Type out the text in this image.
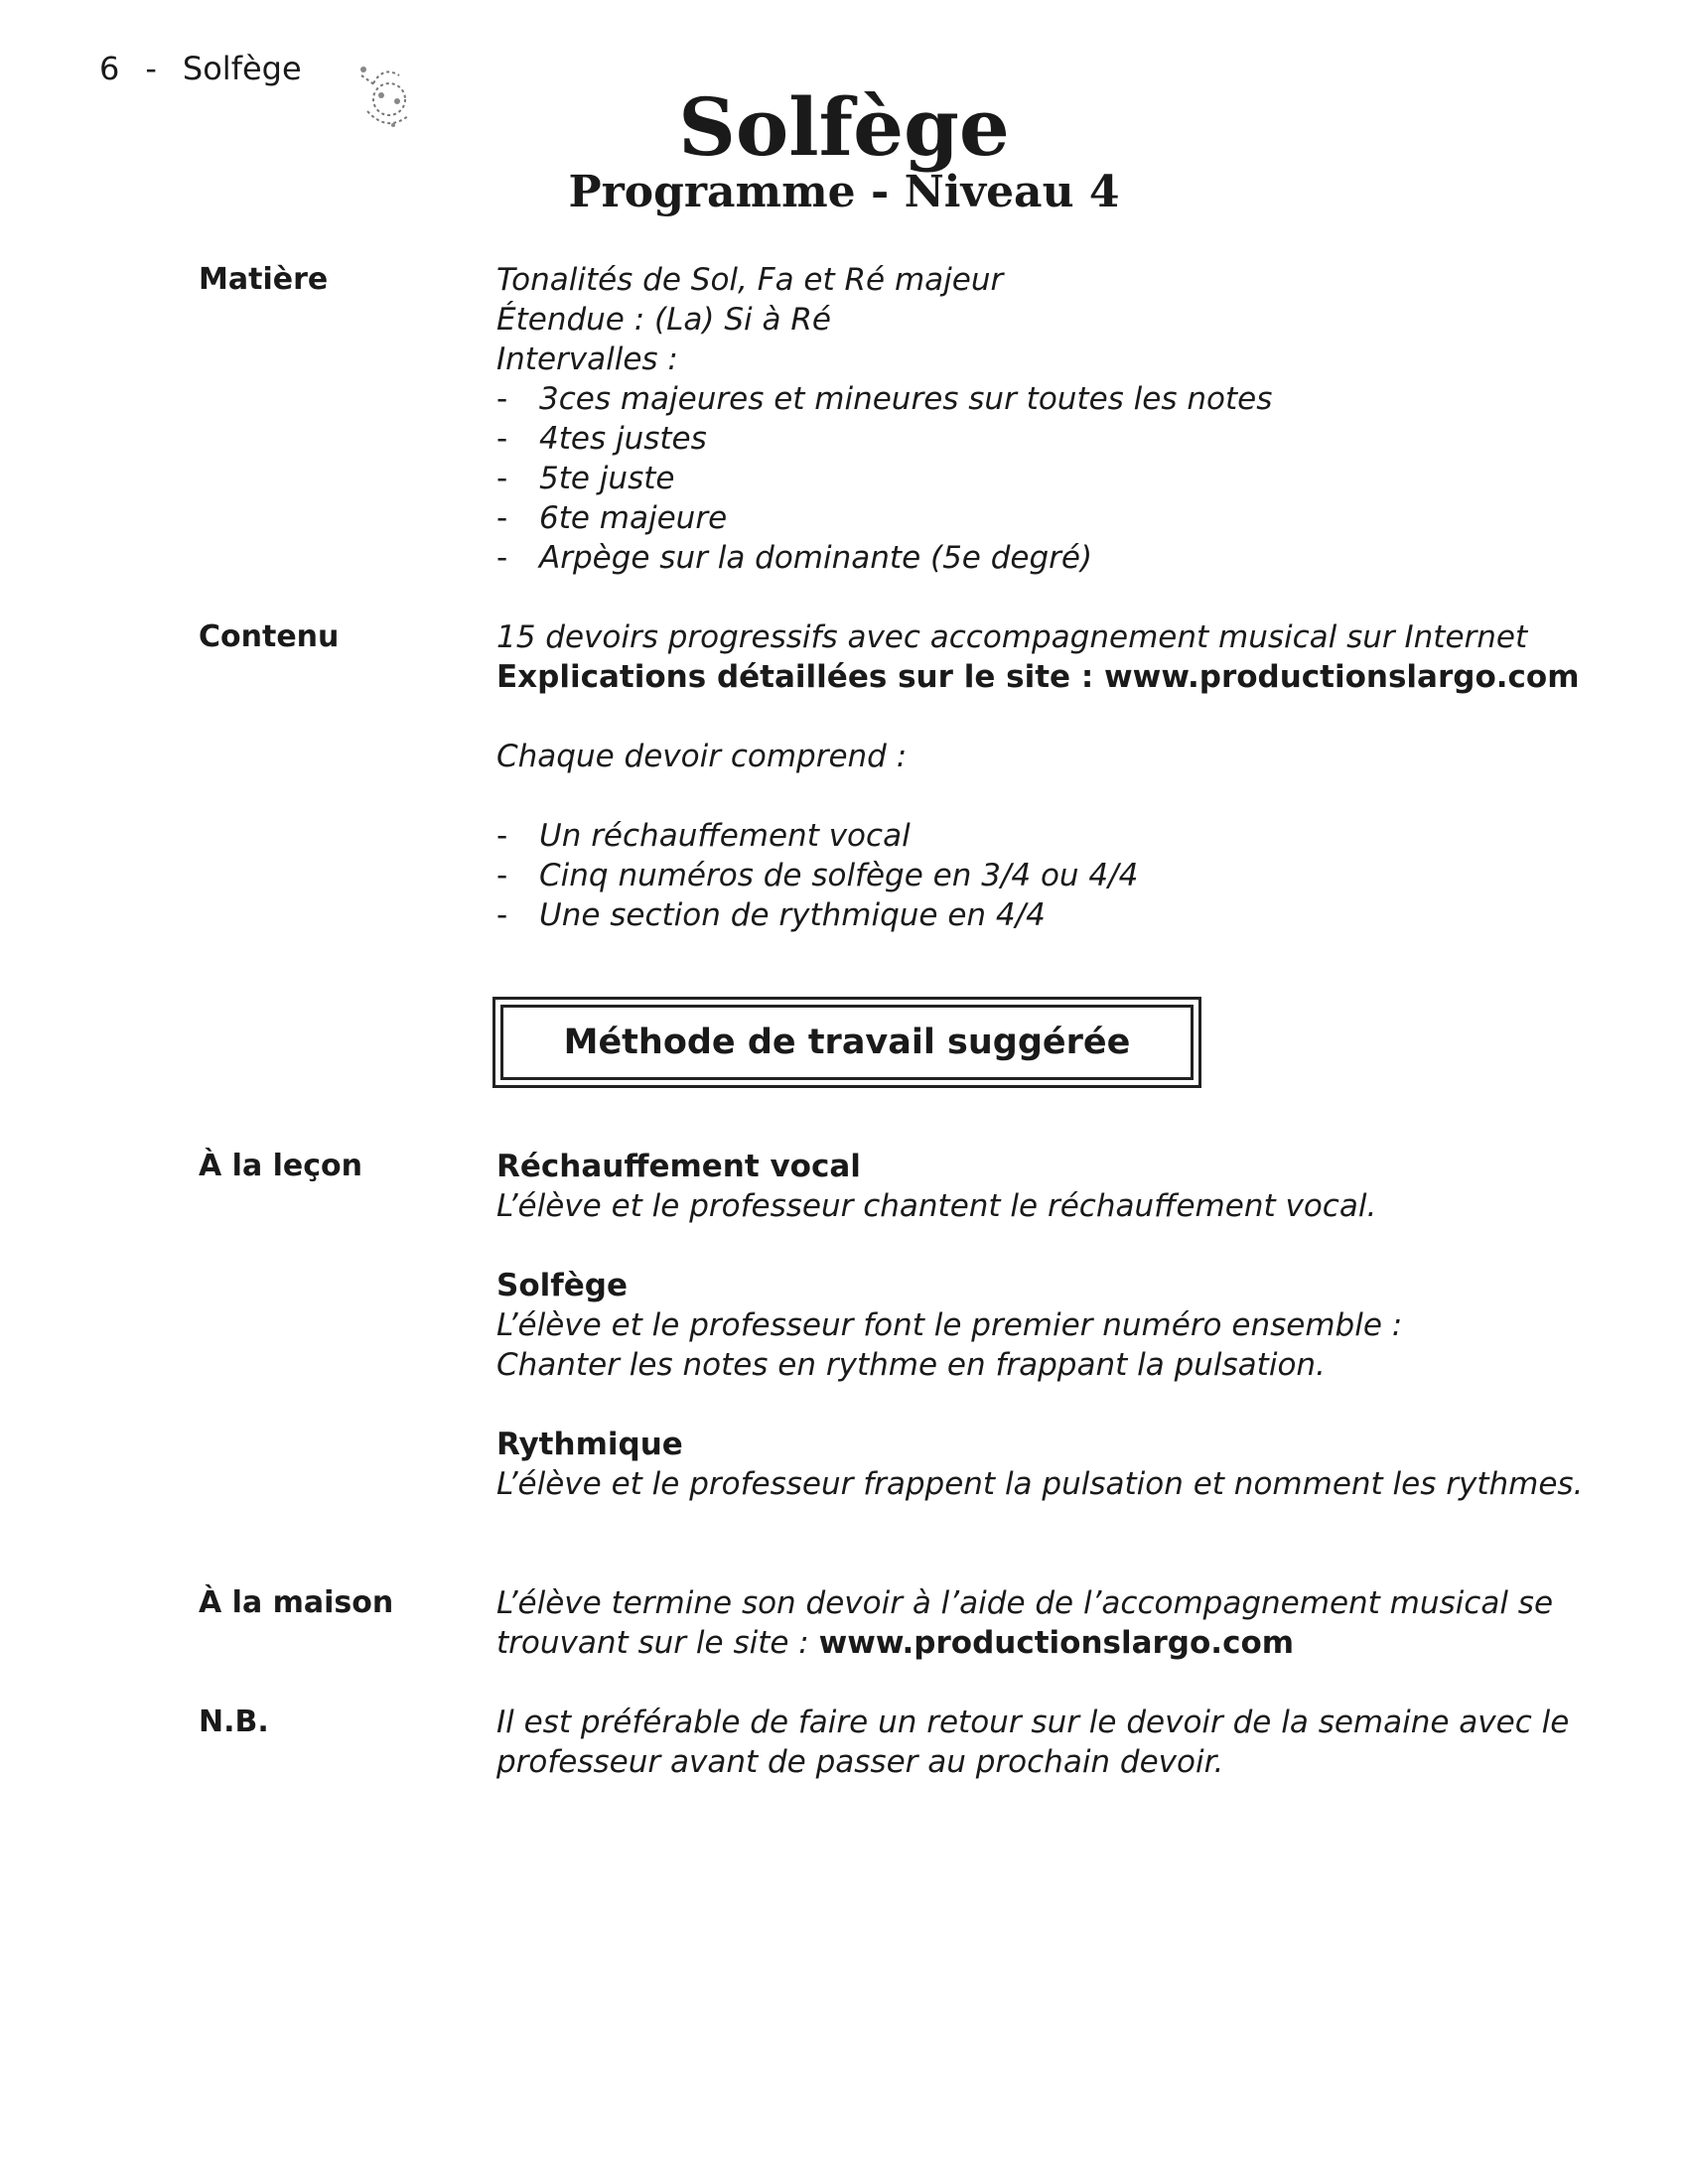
6 - Solfège
Solfège
Programme - Niveau 4
Matière	Tonalités de Sol, Fa et Ré majeur
Étendue : (La) Si à Ré
Intervalles :
-	3ces majeures et mineures sur toutes les notes
-	4tes justes
-	5te juste
-	6te majeure
-	Arpège sur la dominante (5e degré)
Contenu	15 devoirs progressifs avec accompagnement musical sur Internet
Explications détaillées sur le site : www.productionslargo.com
Chaque devoir comprend :
-	Un réchauffement vocal
-	Cinq numéros de solfège en 3/4 ou 4/4
-	Une section de rythmique en 4/4
Méthode de travail suggérée
À la leçon	Réchauffement vocal
L’élève et le professeur chantent le réchauffement vocal.
Solfège
L’élève et le professeur font le premier numéro ensemble :
Chanter les notes en rythme en frappant la pulsation.
Rythmique
L’élève et le professeur frappent la pulsation et nomment les rythmes.
À la maison	L’élève termine son devoir à l’aide de l’accompagnement musical se
trouvant sur le site : www.productionslargo.com
N.B.	Il est préférable de faire un retour sur le devoir de la semaine avec le
professeur avant de passer au prochain devoir.
